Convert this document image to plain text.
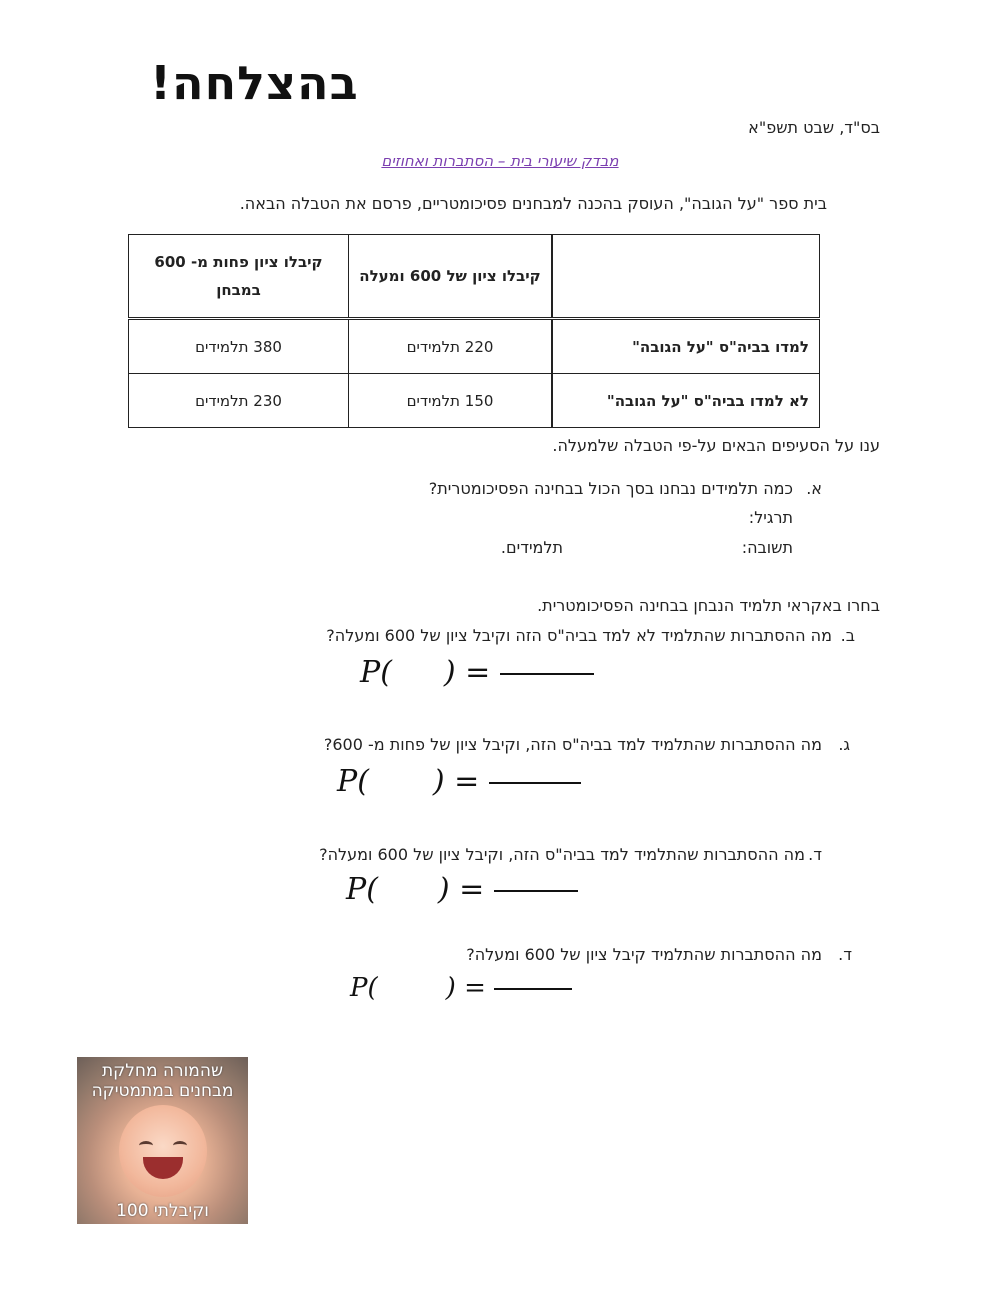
בהצלחה!
בס"ד, שבט תשפ"א
מבדק שיעורי בית – הסתברות ואחוזים
בית ספר "על הגובה", העוסק בהכנה למבחנים פסיכומטריים, פרסם את הטבלה הבאה.
	קיבלו ציון של 600 ומעלה	קיבלו ציון פחות מ- 600 במבחן
למדו בביה"ס "על הגובה"	220 תלמידים	380 תלמידים
לא למדו בביה"ס "על הגובה"	150 תלמידים	230 תלמידים
ענו על הסעיפים הבאים על-פי הטבלה שלמעלה.
א.
כמה תלמידים נבחנו בסך הכול בבחינה הפסיכומטרית?
תרגיל:
תשובה:
תלמידים.
בחרו באקראי תלמיד הנבחן בבחינה הפסיכומטרית.
ב.
מה ההסתברות שהתלמיד לא למד בביה"ס הזה וקיבל ציון של 600 ומעלה?
P( ) =
ג.
מה ההסתברות שהתלמיד למד בביה"ס הזה, וקיבל ציון של פחות מ- 600?
P( ) =
ד.
מה ההסתברות שהתלמיד למד בביה"ס הזה, וקיבל ציון של 600 ומעלה?
P( ) =
ד.
מה ההסתברות שהתלמיד קיבל ציון של 600 ומעלה?
P(	) =
שהמורה מחלקת מבחנים במתמטיקה
וקיבלתי 100
